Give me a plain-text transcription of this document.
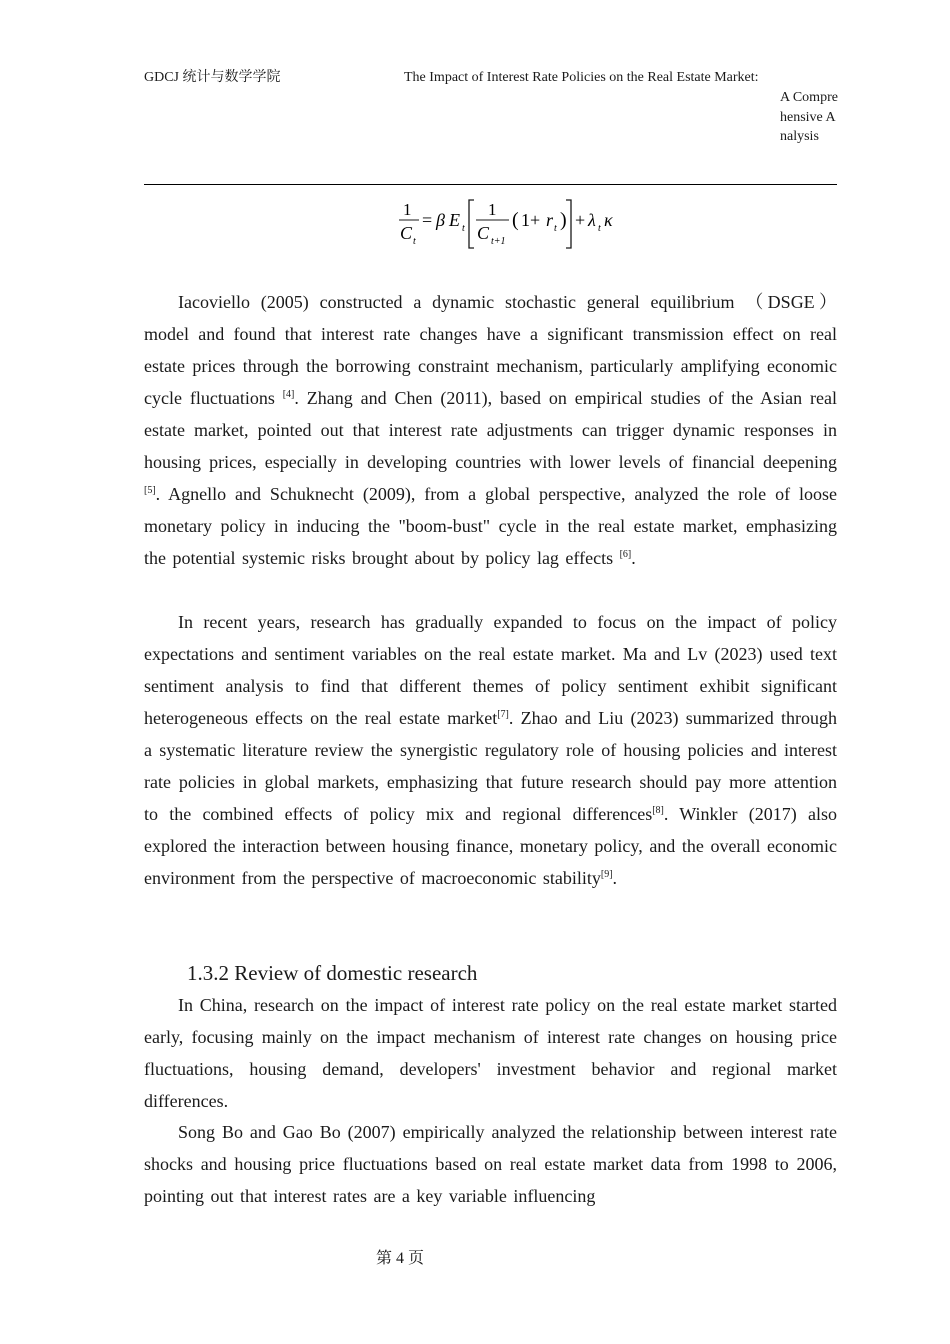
GDCJ 统计与数学学院	The Impact of Interest Rate Policies on the Real Estate Market:
A Comprehensive Analysis
1
C t
= β E t
1
C t+1
( 1+ r t ) + λ t κ

Iacoviello (2005) constructed a dynamic stochastic general equilibrium （DSGE） model and found that interest rate changes have a significant transmission effect on real estate prices through the borrowing constraint mechanism, particularly amplifying economic cycle fluctuations [4]. Zhang and Chen (2011), based on empirical studies of the Asian real estate market, pointed out that interest rate adjustments can trigger dynamic responses in housing prices, especially in developing countries with lower levels of financial deepening [5]. Agnello and Schuknecht (2009), from a global perspective, analyzed the role of loose monetary policy in inducing the "boom-bust" cycle in the real estate market, emphasizing the potential systemic risks brought about by policy lag effects [6].

In recent years, research has gradually expanded to focus on the impact of policy expectations and sentiment variables on the real estate market. Ma and Lv (2023) used text sentiment analysis to find that different themes of policy sentiment exhibit significant heterogeneous effects on the real estate market[7]. Zhao and Liu (2023) summarized through a systematic literature review the synergistic regulatory role of housing policies and interest rate policies in global markets, emphasizing that future research should pay more attention to the combined effects of policy mix and regional differences[8]. Winkler (2017) also explored the interaction between housing finance, monetary policy, and the overall economic environment from the perspective of macroeconomic stability[9].

1.3.2 Review of domestic research

In China, research on the impact of interest rate policy on the real estate market started early, focusing mainly on the impact mechanism of interest rate changes on housing price fluctuations, housing demand, developers' investment behavior and regional market differences.

Song Bo and Gao Bo (2007) empirically analyzed the relationship between interest rate shocks and housing price fluctuations based on real estate market data from 1998 to 2006, pointing out that interest rates are a key variable influencing

第 4 页
